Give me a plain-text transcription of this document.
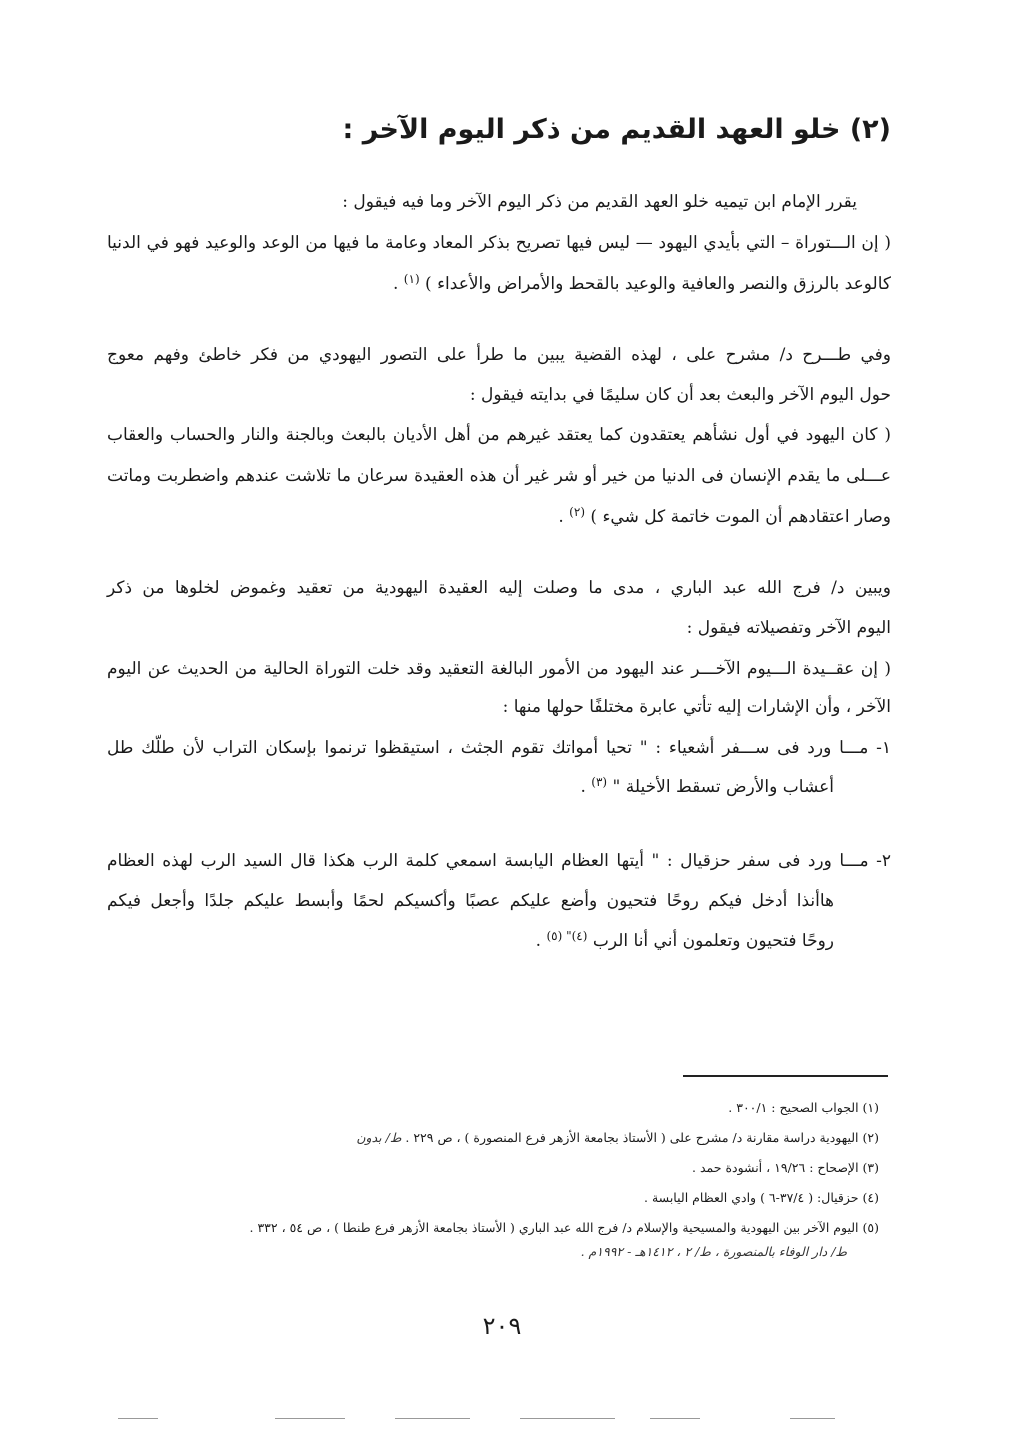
(٢) خلو العهد القديم من ذكر اليوم الآخر :
يقرر الإمام ابن تيميه خلو العهد القديم من ذكر اليوم الآخر وما فيه فيقول :
( إن الـــتوراة – التي بأيدي اليهود — ليس فيها تصريح بذكر المعاد وعامة ما فيها من الوعد والوعيد فهو في الدنيا
كالوعد بالرزق والنصر والعافية والوعيد بالقحط والأمراض والأعداء ) $^{(١)}$ .
وفي طـــرح د/ مشرح على ، لهذه القضية يبين ما طرأ على التصور اليهودي من فكر خاطئ وفهم معوج
حول اليوم الآخر والبعث بعد أن كان سليمًا في بدايته فيقول :
( كان اليهود في أول نشأهم يعتقدون كما يعتقد غيرهم من أهل الأديان بالبعث وبالجنة والنار والحساب والعقاب
عـــلى ما يقدم الإنسان فى الدنيا من خير أو شر غير أن هذه العقيدة سرعان ما تلاشت عندهم واضطربت وماتت
وصار اعتقادهم أن الموت خاتمة كل شيء ) $^{(٢)}$ .
ويبين د/ فرج الله عبد الباري ، مدى ما وصلت إليه العقيدة اليهودية من تعقيد وغموض لخلوها من ذكر
اليوم الآخر وتفصيلاته فيقول :
( إن عقــيدة الـــيوم الآخـــر عند اليهود من الأمور البالغة التعقيد وقد خلت التوراة الحالية من الحديث عن اليوم
الآخر ، وأن الإشارات إليه تأتي عابرة مختلفًا حولها منها :
١- مـــا ورد فى ســـفر أشعياء : " تحيا أمواتك تقوم الجثث ، استيقظوا ترنموا بإسكان التراب لأن طلّك طل
أعشاب والأرض تسقط الأخيلة " $^{(٣)}$ .
٢- مـــا ورد فى سفر حزقيال : " أيتها العظام اليابسة اسمعي كلمة الرب هكذا قال السيد الرب لهذه العظام
هاأنذا أدخل فيكم روحًا فتحيون وأضع عليكم عصبًا وأكسيكم لحمًا وأبسط عليكم جلدًا وأجعل فيكم
روحًا فتحيون وتعلمون أني أنا الرب $^{(٤)" (٥)}$ .
(١) الجواب الصحيح : ٣٠٠/١ .
(٢) اليهودية دراسة مقارنة د/ مشرح على ( الأستاذ بجامعة الأزهر فرع المنصورة ) ، ص ٢٢٩ . ط/ بدون
(٣) الإصحاح : ١٩/٢٦ ، أنشودة حمد .
(٤) حزقيال: ( ٣٧/٤-٦ ) وادي العظام اليابسة .
(٥) اليوم الآخر بين اليهودية والمسيحية والإسلام د/ فرج الله عبد الباري ( الأستاذ بجامعة الأزهر فرع طنطا ) ، ص ٥٤ ، ٣٣٢ .
ط/ دار الوفاء بالمنصورة ، ط/ ٢ ، ١٤١٢هـ - ١٩٩٢م .
٢٠٩
